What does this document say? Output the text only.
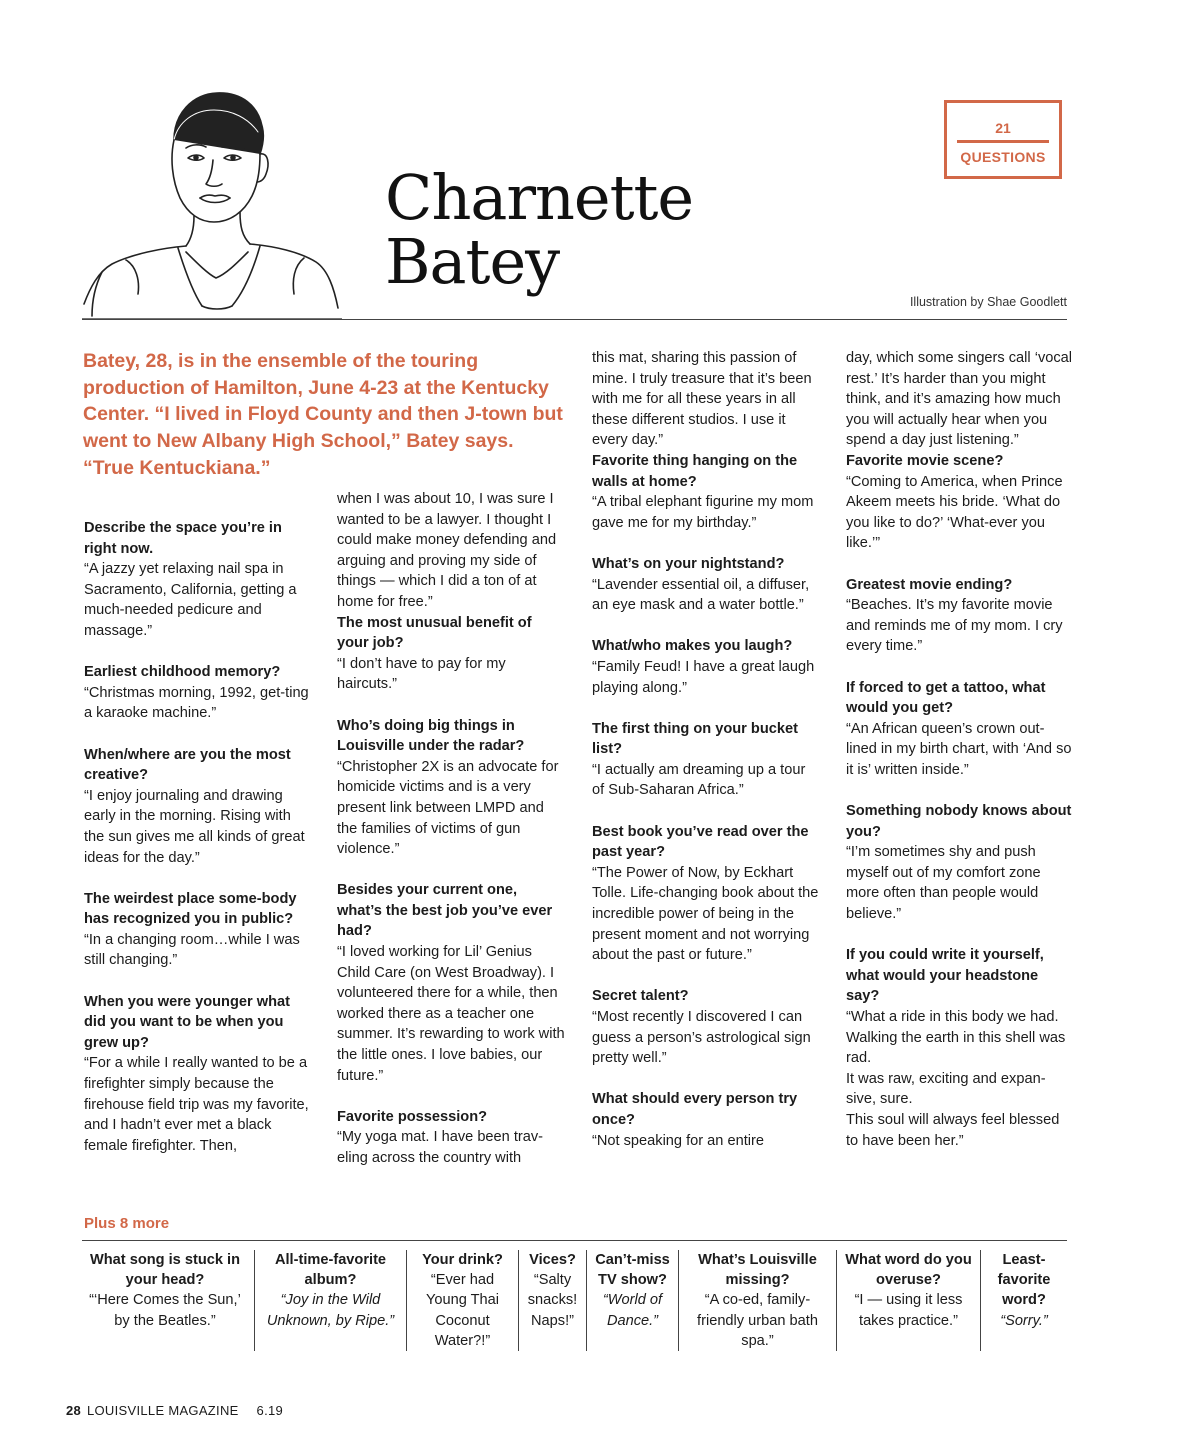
Charnette
Batey
21
QUESTIONS
Illustration by Shae Goodlett

Batey, 28, is in the ensemble of the touring production of Hamilton, June 4-23 at the Kentucky Center. “I lived in Floyd County and then J-town but went to New Albany High School,” Batey says. “True Kentuckiana.”

Describe the space you’re in right now.

“A jazzy yet relaxing nail spa in Sacramento, California, getting a much-needed pedicure and massage.”

Earliest childhood memory?

“Christmas morning, 1992, get-ting a karaoke machine.”

When/where are you the most creative?

“I enjoy journaling and drawing early in the morning. Rising with the sun gives me all kinds of great ideas for the day.”

The weirdest place some-body has recognized you in public?

“In a changing room…while I was still changing.”

When you were younger what did you want to be when you grew up?

“For a while I really wanted to be a firefighter simply because the firehouse field trip was my favorite, and I hadn’t ever met a black female firefighter. Then,

when I was about 10, I was sure I wanted to be a lawyer. I thought I could make money defending and arguing and proving my side of things — which I did a ton of at home for free.”

The most unusual benefit of your job?

“I don’t have to pay for my haircuts.”

Who’s doing big things in Louisville under the radar?

“Christopher 2X is an advocate for homicide victims and is a very present link between LMPD and the families of victims of gun violence.”

Besides your current one, what’s the best job you’ve ever had?

“I loved working for Lil’ Genius Child Care (on West Broadway). I volunteered there for a while, then worked there as a teacher one summer. It’s rewarding to work with the little ones. I love babies, our future.”

Favorite possession?

“My yoga mat. I have been trav-eling across the country with

this mat, sharing this passion of mine. I truly treasure that it’s been with me for all these years in all these different studios. I use it every day.”

Favorite thing hanging on the walls at home?

“A tribal elephant figurine my mom gave me for my birthday.”

What’s on your nightstand?

“Lavender essential oil, a diffuser, an eye mask and a water bottle.”

What/who makes you laugh?

“Family Feud! I have a great laugh playing along.”

The first thing on your bucket list?

“I actually am dreaming up a tour of Sub-Saharan Africa.”

Best book you’ve read over the past year?

“The Power of Now, by Eckhart Tolle. Life-changing book about the incredible power of being in the present moment and not worrying about the past or future.”

Secret talent?

“Most recently I discovered I can guess a person’s astrological sign pretty well.”

What should every person try once?

“Not speaking for an entire

day, which some singers call ‘vocal rest.’ It’s harder than you might think, and it’s amazing how much you will actually hear when you spend a day just listening.”

Favorite movie scene?

“Coming to America, when Prince Akeem meets his bride. ‘What do you like to do?’ ‘What-ever you like.’”

Greatest movie ending?

“Beaches. It’s my favorite movie and reminds me of my mom. I cry every time.”

If forced to get a tattoo, what would you get?

“An African queen’s crown out-lined in my birth chart, with ‘And so it is’ written inside.”

Something nobody knows about you?

“I’m sometimes shy and push myself out of my comfort zone more often than people would believe.”

If you could write it yourself, what would your headstone say?

“What a ride in this body we had.
Walking the earth in this shell was rad.
It was raw, exciting and expan-sive, sure.
This soul will always feel blessed to have been her.”

Plus 8 more

What song is stuck in your head?

“‘Here Comes the Sun,’ by the Beatles.”

All-time-favorite album?

“Joy in the Wild Unknown, by Ripe.”

Your drink?

“Ever had Young Thai Coconut Water?!”

Vices?

“Salty snacks! Naps!”

Can’t-miss TV show?

“World of Dance.”

What’s Louisville missing?

“A co-ed, family-friendly urban bath spa.”

What word do you overuse?

“I — using it less takes practice.”

Least-favorite word?

“Sorry.”

28 LOUISVILLE MAGAZINE 6.19
